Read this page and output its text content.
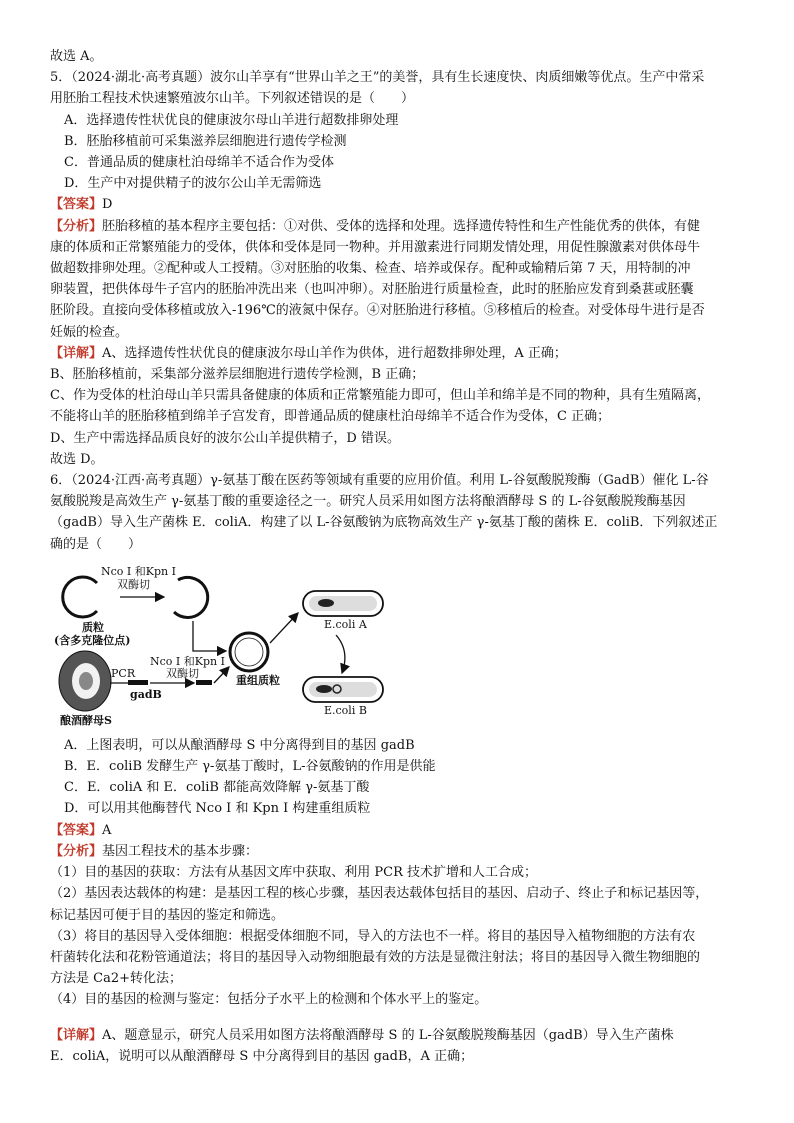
故选 A。
5．（2024·湖北·高考真题）波尔山羊享有“世界山羊之王”的美誉，具有生长速度快、肉质细嫩等优点。生产中常采
用胚胎工程技术快速繁殖波尔山羊。下列叙述错误的是（　　）
A．选择遗传性状优良的健康波尔母山羊进行超数排卵处理
B．胚胎移植前可采集滋养层细胞进行遗传学检测
C．普通品质的健康杜泊母绵羊不适合作为受体
D．生产中对提供精子的波尔公山羊无需筛选
【答案】D
【分析】胚胎移植的基本程序主要包括：①对供、受体的选择和处理。选择遗传特性和生产性能优秀的供体，有健
康的体质和正常繁殖能力的受体，供体和受体是同一物种。并用激素进行同期发情处理，用促性腺激素对供体母牛
做超数排卵处理。②配种或人工授精。③对胚胎的收集、检查、培养或保存。配种或输精后第 7 天，用特制的冲
卵装置，把供体母牛子宫内的胚胎冲洗出来（也叫冲卵）。对胚胎进行质量检查，此时的胚胎应发育到桑葚或胚囊
胚阶段。直接向受体移植或放入-196℃的液氮中保存。④对胚胎进行移植。⑤移植后的检查。对受体母牛进行是否
妊娠的检查。
【详解】A、选择遗传性状优良的健康波尔母山羊作为供体，进行超数排卵处理，A 正确；
B、胚胎移植前，采集部分滋养层细胞进行遗传学检测，B 正确；
C、作为受体的杜泊母山羊只需具备健康的体质和正常繁殖能力即可，但山羊和绵羊是不同的物种，具有生殖隔离，
不能将山羊的胚胎移植到绵羊子宫发育，即普通品质的健康杜泊母绵羊不适合作为受体，C 正确；
D、生产中需选择品质良好的波尔公山羊提供精子，D 错误。
故选 D。
6．（2024·江西·高考真题）γ-氨基丁酸在医药等领域有重要的应用价值。利用 L-谷氨酸脱羧酶（GadB）催化 L-谷
氨酸脱羧是高效生产 γ-氨基丁酸的重要途径之一。研究人员采用如图方法将酿酒酵母 S 的 L-谷氨酸脱羧酶基因
（gadB）导入生产菌株 E．coliA．构建了以 L-谷氨酸钠为底物高效生产 γ-氨基丁酸的菌株 E．coliB．下列叙述正
确的是（　　）
Nco I 和Kpn I
双酶切
质粒
(含多克隆位点)
Nco I 和Kpn I
双酶切
PCR
gadB
酿酒酵母S
重组质粒
E.coli A
E.coli B
A．上图表明，可以从酿酒酵母 S 中分离得到目的基因 gadB
B．E．coliB 发酵生产 γ-氨基丁酸时，L-谷氨酸钠的作用是供能
C．E．coliA 和 E．coliB 都能高效降解 γ-氨基丁酸
D．可以用其他酶替代 Nco I 和 Kpn I 构建重组质粒
【答案】A
【分析】基因工程技术的基本步骤：
（1）目的基因的获取：方法有从基因文库中获取、利用 PCR 技术扩增和人工合成；
（2）基因表达载体的构建：是基因工程的核心步骤，基因表达载体包括目的基因、启动子、终止子和标记基因等，
标记基因可便于目的基因的鉴定和筛选。
（3）将目的基因导入受体细胞：根据受体细胞不同，导入的方法也不一样。将目的基因导入植物细胞的方法有农
杆菌转化法和花粉管通道法；将目的基因导入动物细胞最有效的方法是显微注射法；将目的基因导入微生物细胞的
方法是 Ca2+转化法；
（4）目的基因的检测与鉴定：包括分子水平上的检测和个体水平上的鉴定。
【详解】A、题意显示，研究人员采用如图方法将酿酒酵母 S 的 L-谷氨酸脱羧酶基因（gadB）导入生产菌株
E．coliA，说明可以从酿酒酵母 S 中分离得到目的基因 gadB，A 正确；
